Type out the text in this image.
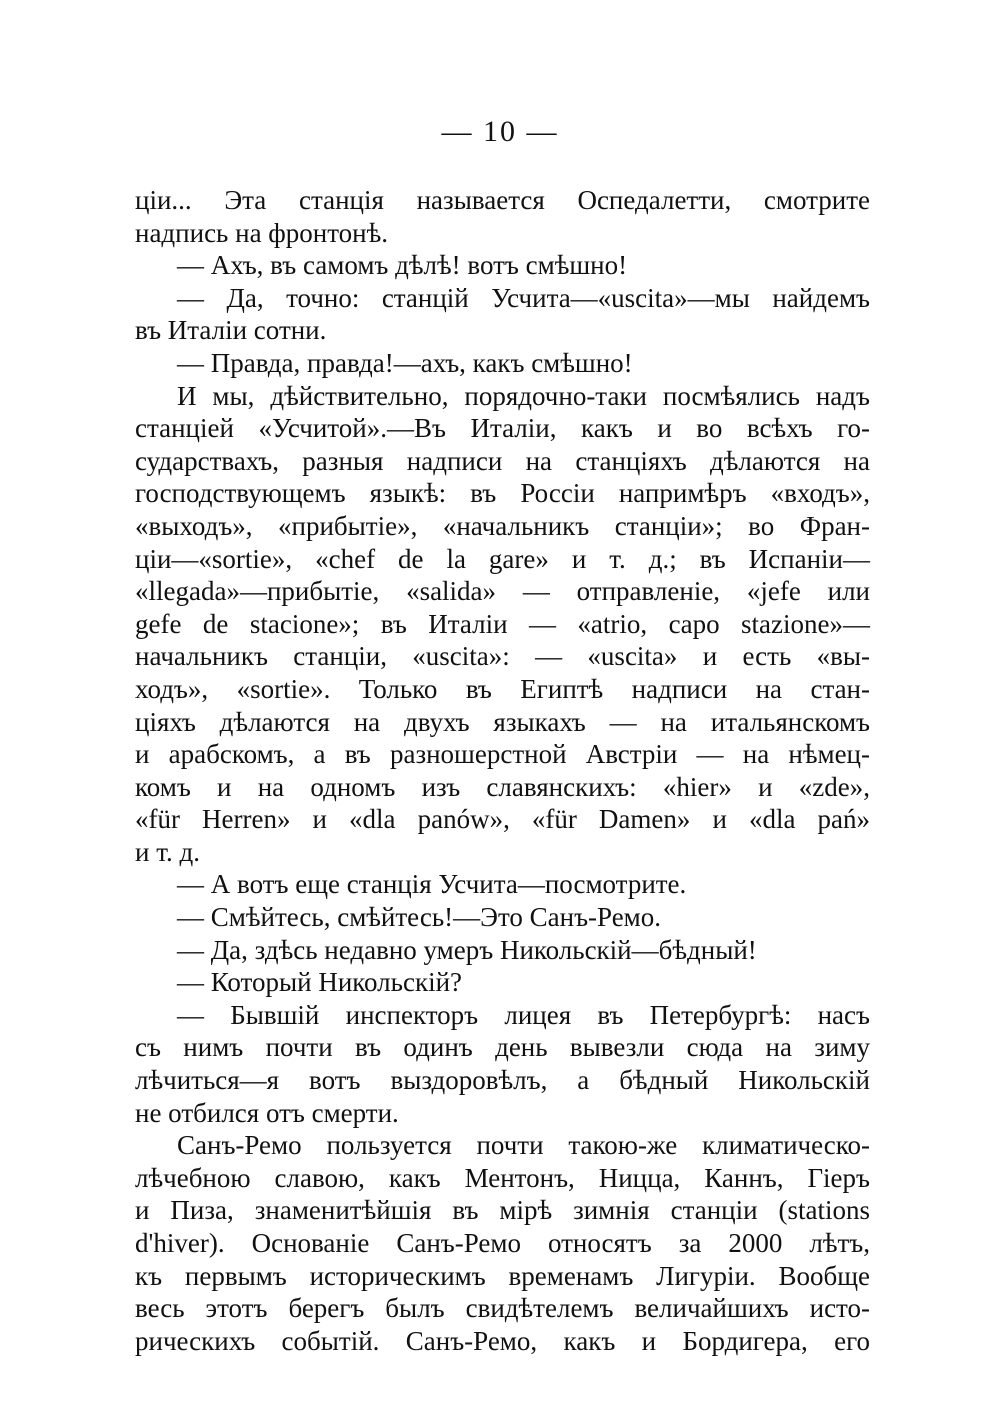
— 10 —
ціи... Эта станція называется Оспедалетти, смотрите
надпись на фронтонѣ.
— Ахъ, въ самомъ дѣлѣ! вотъ смѣшно!
— Да, точно: станцій Усчита—«uscita»—мы найдемъ
въ Италіи сотни.
— Правда, правда!—ахъ, какъ смѣшно!
И мы, дѣйствительно, порядочно-таки посмѣялись надъ
станціей «Усчитой».—Въ Италіи, какъ и во всѣхъ го-
сударствахъ, разныя надписи на станціяхъ дѣлаются на
господствующемъ языкѣ: въ Россіи напримѣръ «входъ»,
«выходъ», «прибытіе», «начальникъ станціи»; во Фран-
ціи—«sortie», «chef de la gare» и т. д.; въ Испаніи—
«llegada»—прибытіе, «salida» — отправленіе, «jefe или
gefe de stacione»; въ Италіи — «atrio, capo stazione»—
начальникъ станціи, «uscita»: — «uscita» и есть «вы-
ходъ», «sortie». Только въ Египтѣ надписи на стан-
ціяхъ дѣлаются на двухъ языкахъ — на итальянскомъ
и арабскомъ, а въ разношерстной Австріи — на нѣмец-
комъ и на одномъ изъ славянскихъ: «hier» и «zde»,
«für Herren» и «dla panów», «für Damen» и «dla pań»
и т. д.
— А вотъ еще станція Усчита—посмотрите.
— Смѣйтесь, смѣйтесь!—Это Санъ-Ремо.
— Да, здѣсь недавно умеръ Никольскій—бѣдный!
— Который Никольскій?
— Бывшій инспекторъ лицея въ Петербургѣ: насъ
съ нимъ почти въ одинъ день вывезли сюда на зиму
лѣчиться—я вотъ выздоровѣлъ, а бѣдный Никольскій
не отбился отъ смерти.
Санъ-Ремо пользуется почти такою-же климатическо-
лѣчебною славою, какъ Ментонъ, Ницца, Каннъ, Гіеръ
и Пиза, знаменитѣйшія въ мірѣ зимнія станціи (stations
d'hiver). Основаніе Санъ-Ремо относятъ за 2000 лѣтъ,
къ первымъ историческимъ временамъ Лигуріи. Вообще
весь этотъ берегъ былъ свидѣтелемъ величайшихъ исто-
рическихъ событій. Санъ-Ремо, какъ и Бордигера, его
